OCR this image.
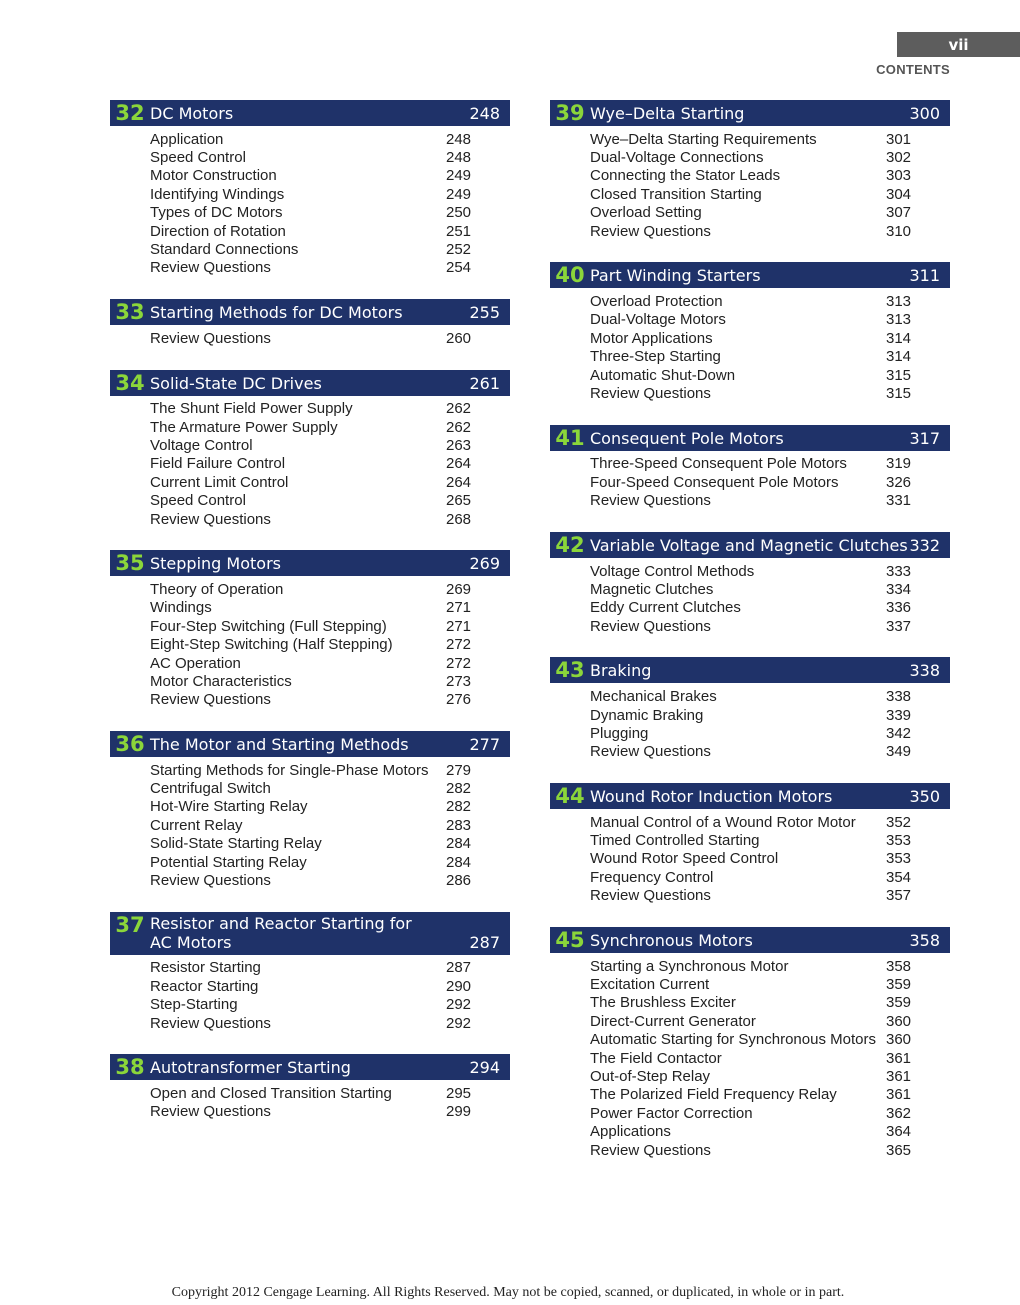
vii
CONTENTS
32 DC Motors	248
Application	248
Speed Control	248
Motor Construction	249
Identifying Windings	249
Types of DC Motors	250
Direction of Rotation	251
Standard Connections	252
Review Questions	254
33 Starting Methods for DC Motors	255
Review Questions	260
34 Solid-State DC Drives	261
The Shunt Field Power Supply	262
The Armature Power Supply	262
Voltage Control	263
Field Failure Control	264
Current Limit Control	264
Speed Control	265
Review Questions	268
35 Stepping Motors	269
Theory of Operation	269
Windings	271
Four-Step Switching (Full Stepping)	271
Eight-Step Switching (Half Stepping)	272
AC Operation	272
Motor Characteristics	273
Review Questions	276
36 The Motor and Starting Methods	277
Starting Methods for Single-Phase Motors	279
Centrifugal Switch	282
Hot-Wire Starting Relay	282
Current Relay	283
Solid-State Starting Relay	284
Potential Starting Relay	284
Review Questions	286
37 Resistor and Reactor Starting for
AC Motors	287
Resistor Starting	287
Reactor Starting	290
Step-Starting	292
Review Questions	292
38 Autotransformer Starting	294
Open and Closed Transition Starting	295
Review Questions	299
39 Wye–Delta Starting	300
Wye–Delta Starting Requirements	301
Dual-Voltage Connections	302
Connecting the Stator Leads	303
Closed Transition Starting	304
Overload Setting	307
Review Questions	310
40 Part Winding Starters	311
Overload Protection	313
Dual-Voltage Motors	313
Motor Applications	314
Three-Step Starting	314
Automatic Shut-Down	315
Review Questions	315
41 Consequent Pole Motors	317
Three-Speed Consequent Pole Motors	319
Four-Speed Consequent Pole Motors	326
Review Questions	331
42 Variable Voltage and Magnetic Clutches 332
Voltage Control Methods	333
Magnetic Clutches	334
Eddy Current Clutches	336
Review Questions	337
43 Braking	338
Mechanical Brakes	338
Dynamic Braking	339
Plugging	342
Review Questions	349
44 Wound Rotor Induction Motors	350
Manual Control of a Wound Rotor Motor	352
Timed Controlled Starting	353
Wound Rotor Speed Control	353
Frequency Control	354
Review Questions	357
45 Synchronous Motors	358
Starting a Synchronous Motor	358
Excitation Current	359
The Brushless Exciter	359
Direct-Current Generator	360
Automatic Starting for Synchronous Motors 360
The Field Contactor	361
Out-of-Step Relay	361
The Polarized Field Frequency Relay	361
Power Factor Correction	362
Applications	364
Review Questions	365
Copyright 2012 Cengage Learning. All Rights Reserved. May not be copied, scanned, or duplicated, in whole or in part.
